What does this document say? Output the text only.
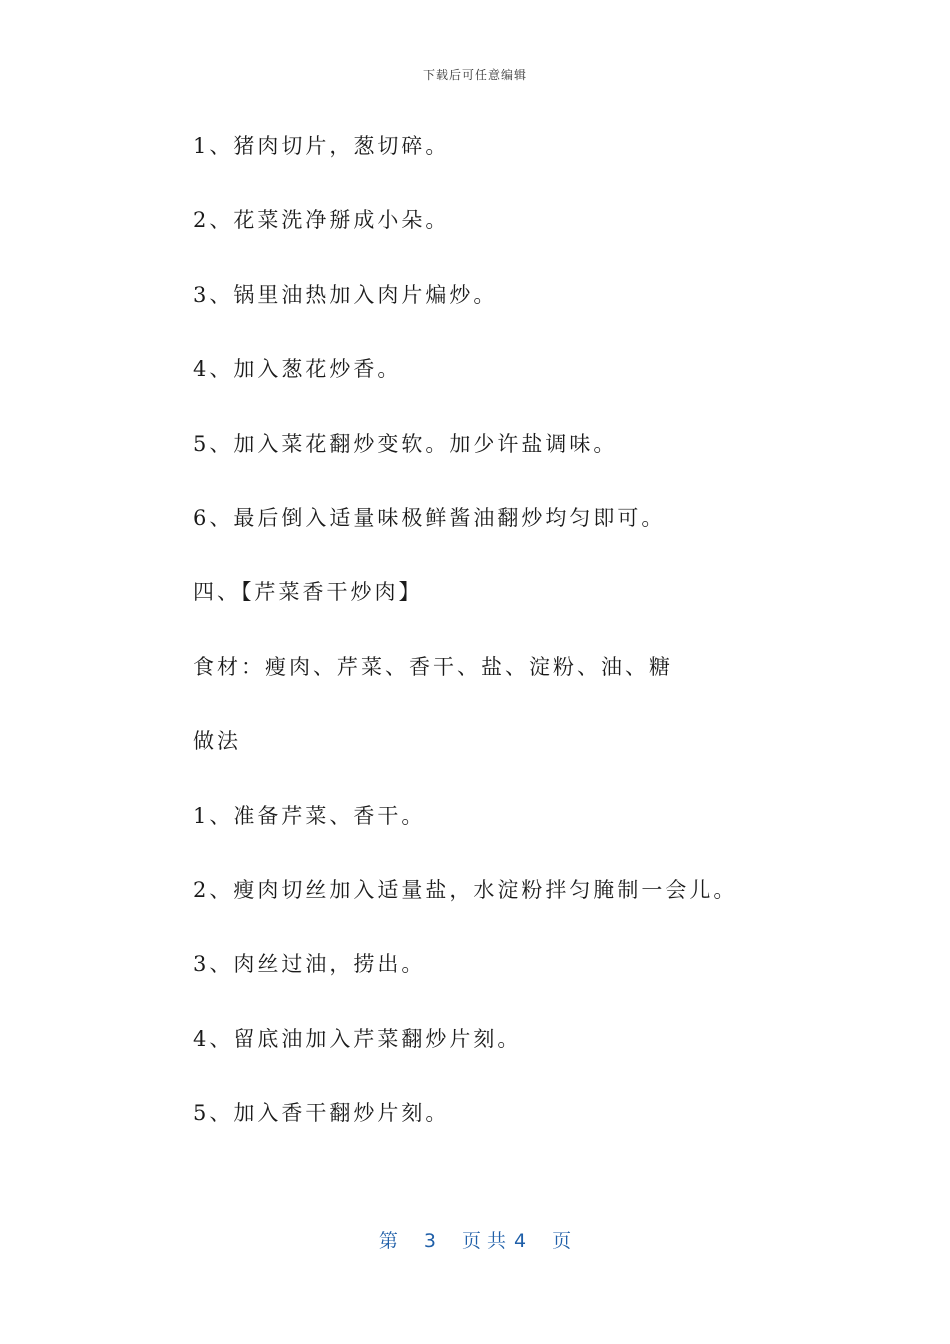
下载后可任意编辑
1、猪肉切片，葱切碎。
2、花菜洗净掰成小朵。
3、锅里油热加入肉片煸炒。
4、加入葱花炒香。
5、加入菜花翻炒变软。加少许盐调味。
6、最后倒入适量味极鲜酱油翻炒均匀即可。
四、【芹菜香干炒肉】
食材：瘦肉、芹菜、香干、盐、淀粉、油、糖
做法
1、准备芹菜、香干。
2、瘦肉切丝加入适量盐，水淀粉拌匀腌制一会儿。
3、肉丝过油，捞出。
4、留底油加入芹菜翻炒片刻。
5、加入香干翻炒片刻。
第 3 页 共 4 页
